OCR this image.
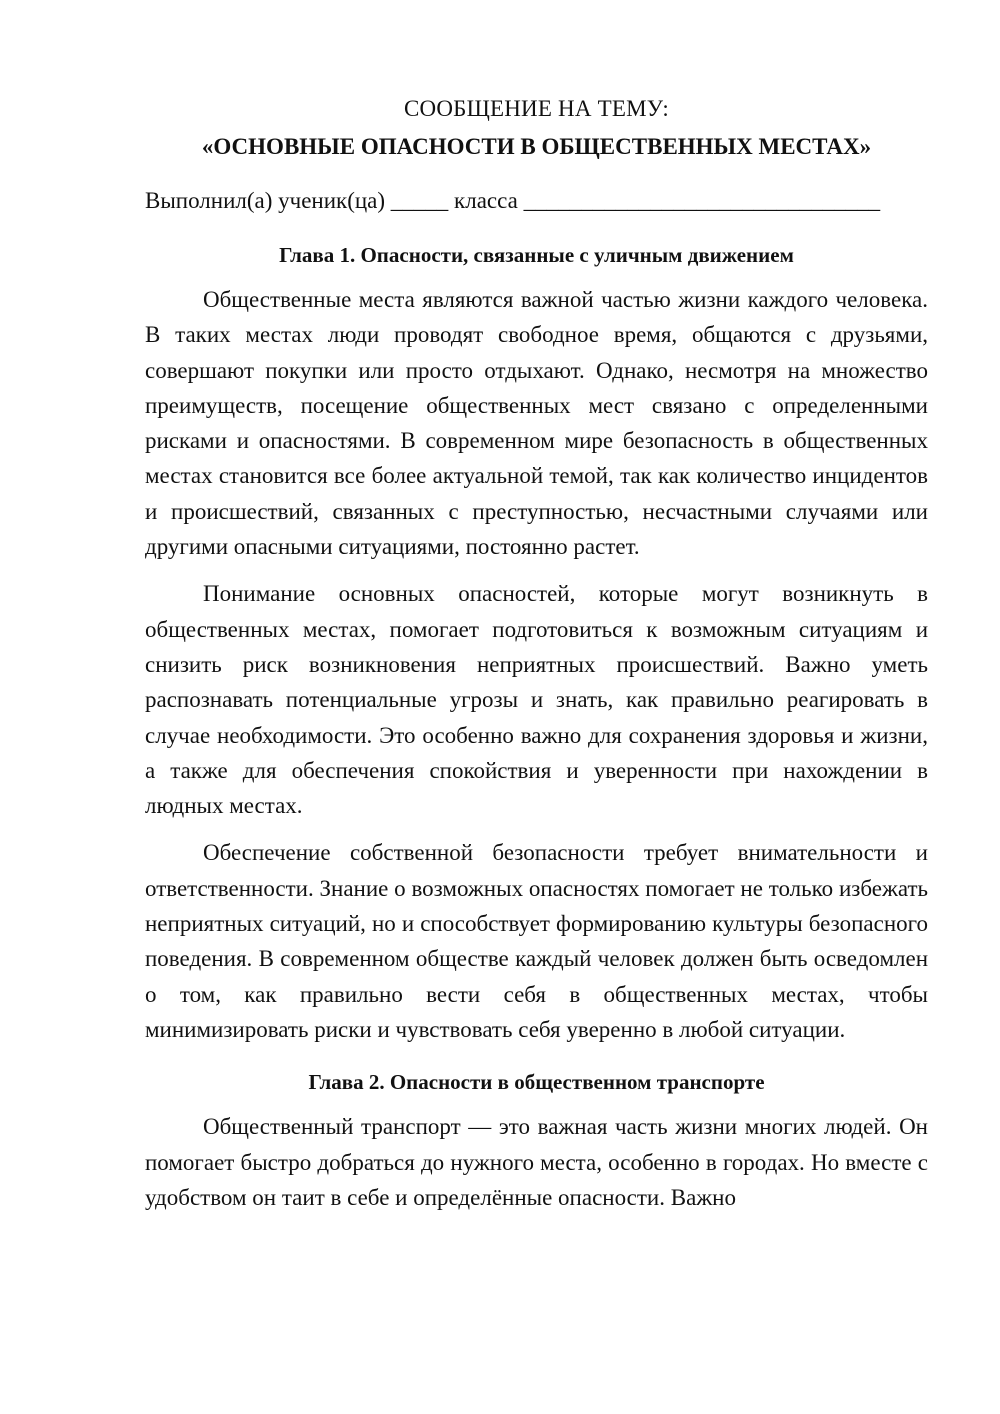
СООБЩЕНИЕ НА ТЕМУ:

«ОСНОВНЫЕ ОПАСНОСТИ В ОБЩЕСТВЕННЫХ МЕСТАХ»

Выполнил(а) ученик(ца) _____ класса _______________________________
Глава 1. Опасности, связанные с уличным движением

Общественные места являются важной частью жизни каждого человека. В таких местах люди проводят свободное время, общаются с друзьями, совершают покупки или просто отдыхают. Однако, несмотря на множество преимуществ, посещение общественных мест связано с определенными рисками и опасностями. В современном мире безопасность в общественных местах становится все более актуальной темой, так как количество инцидентов и происшествий, связанных с преступностью, несчастными случаями или другими опасными ситуациями, постоянно растет.

Понимание основных опасностей, которые могут возникнуть в общественных местах, помогает подготовиться к возможным ситуациям и снизить риск возникновения неприятных происшествий. Важно уметь распознавать потенциальные угрозы и знать, как правильно реагировать в случае необходимости. Это особенно важно для сохранения здоровья и жизни, а также для обеспечения спокойствия и уверенности при нахождении в людных местах.

Обеспечение собственной безопасности требует внимательности и ответственности. Знание о возможных опасностях помогает не только избежать неприятных ситуаций, но и способствует формированию культуры безопасного поведения. В современном обществе каждый человек должен быть осведомлен о том, как правильно вести себя в общественных местах, чтобы минимизировать риски и чувствовать себя уверенно в любой ситуации.

Глава 2. Опасности в общественном транспорте

Общественный транспорт — это важная часть жизни многих людей. Он помогает быстро добраться до нужного места, особенно в городах. Но вместе с удобством он таит в себе и определённые опасности. Важно
